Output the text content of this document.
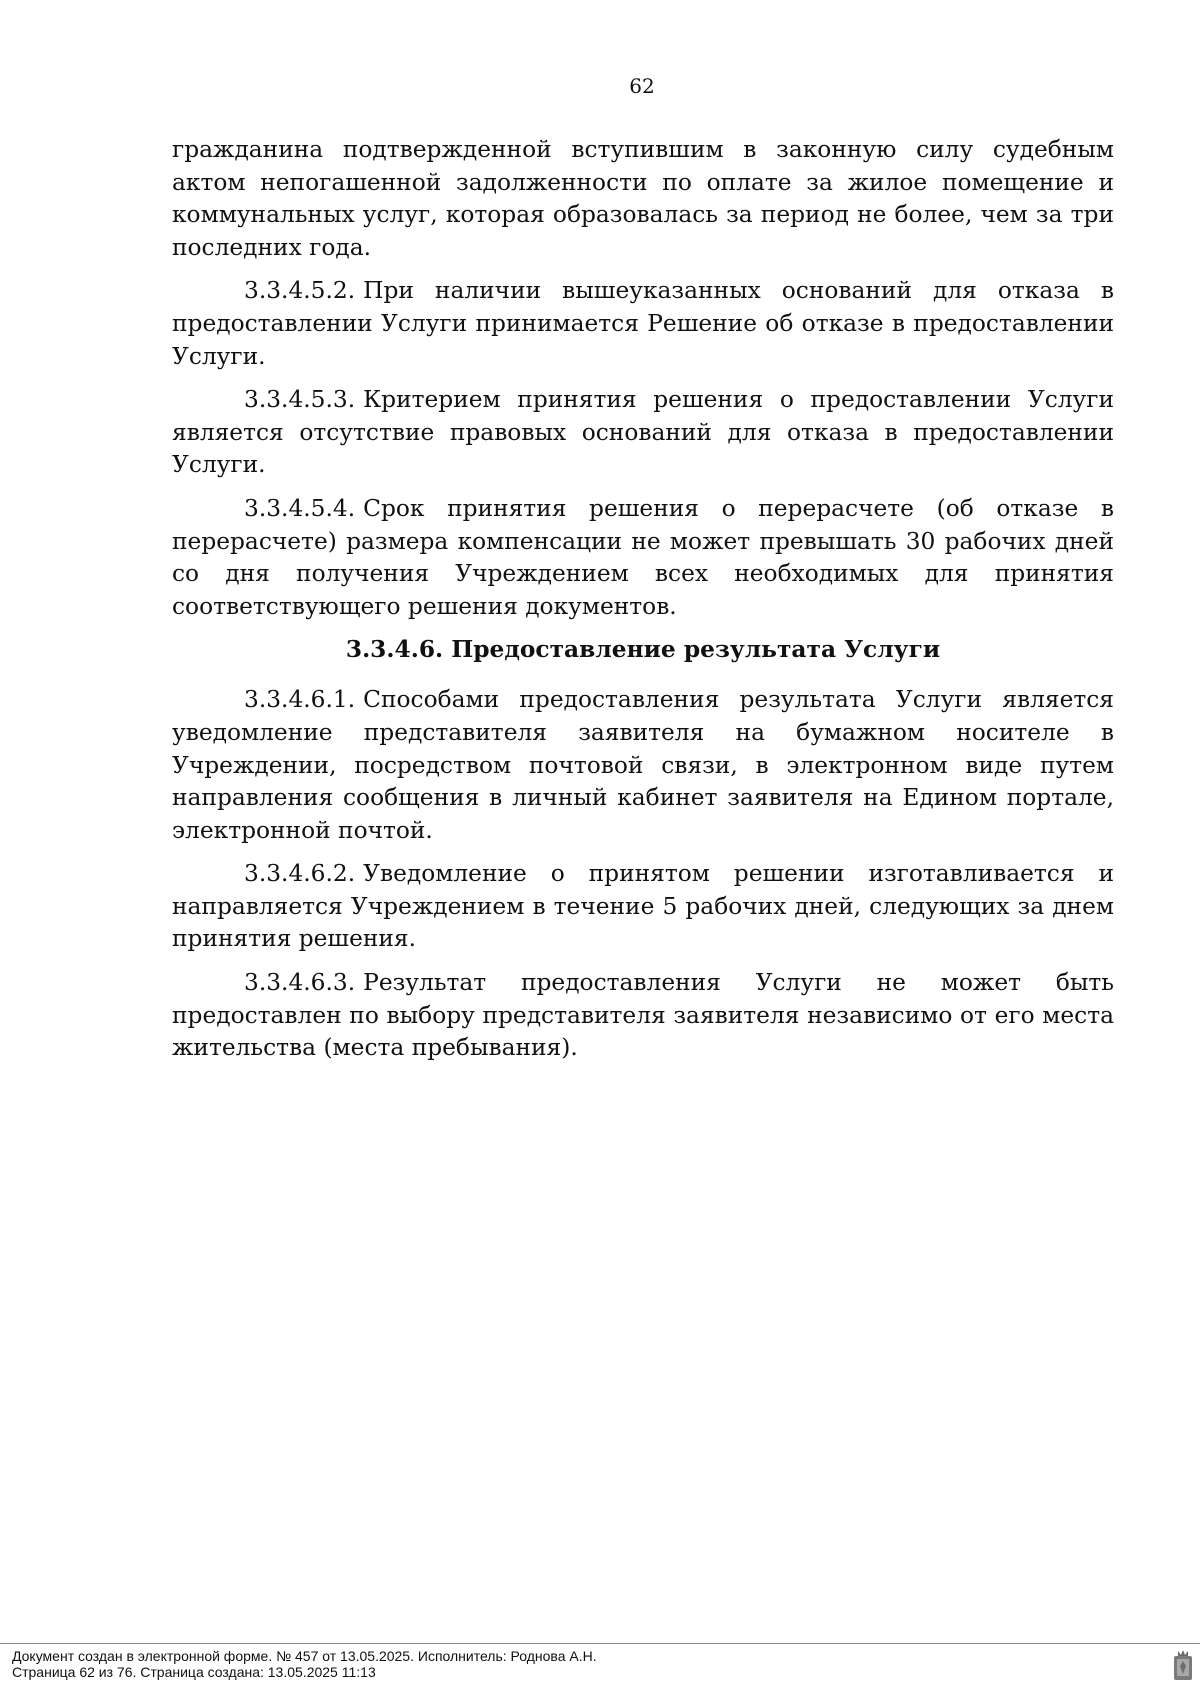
62

гражданина подтвержденной вступившим в законную силу судебным актом непогашенной задолженности по оплате за жилое помещение и коммунальных услуг, которая образовалась за период не более, чем за три последних года.

3.3.4.5.2. При наличии вышеуказанных оснований для отказа в предоставлении Услуги принимается Решение об отказе в предоставлении Услуги.

3.3.4.5.3. Критерием принятия решения о предоставлении Услуги является отсутствие правовых оснований для отказа в предоставлении Услуги.

3.3.4.5.4. Срок принятия решения о перерасчете (об отказе в перерасчете) размера компенсации не может превышать 30 рабочих дней со дня получения Учреждением всех необходимых для принятия соответствующего решения документов.

3.3.4.6. Предоставление результата Услуги

3.3.4.6.1. Способами предоставления результата Услуги является уведомление представителя заявителя на бумажном носителе в Учреждении, посредством почтовой связи, в электронном виде путем направления сообщения в личный кабинет заявителя на Едином портале, электронной почтой.

3.3.4.6.2. Уведомление о принятом решении изготавливается и направляется Учреждением в течение 5 рабочих дней, следующих за днем принятия решения.

3.3.4.6.3. Результат предоставления Услуги не может быть предоставлен по выбору представителя заявителя независимо от его места жительства (места пребывания).

Документ создан в электронной форме. № 457 от 13.05.2025. Исполнитель: Роднова А.Н.
Страница 62 из 76. Страница создана: 13.05.2025 11:13
